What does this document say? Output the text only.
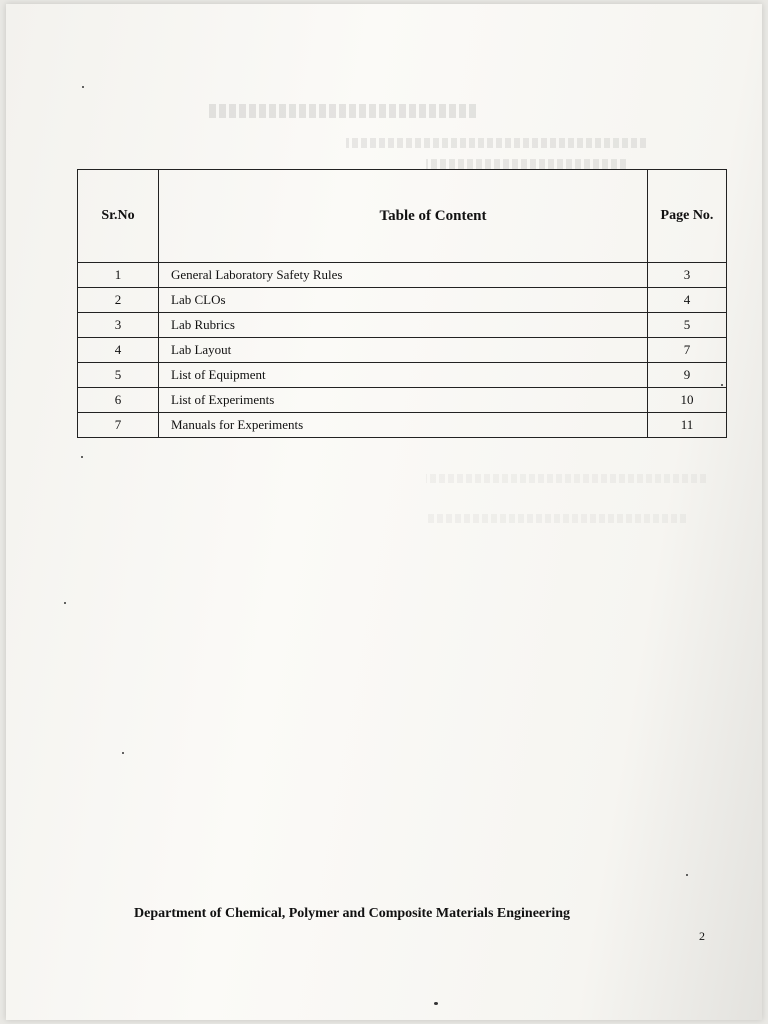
Sr.No	Table of Content	Page No.
1	General Laboratory Safety Rules	3
2	Lab CLOs	4
3	Lab Rubrics	5
4	Lab Layout	7
5	List of Equipment	9
6	List of Experiments	10
7	Manuals for Experiments	11
Department of Chemical, Polymer and Composite Materials Engineering
2
